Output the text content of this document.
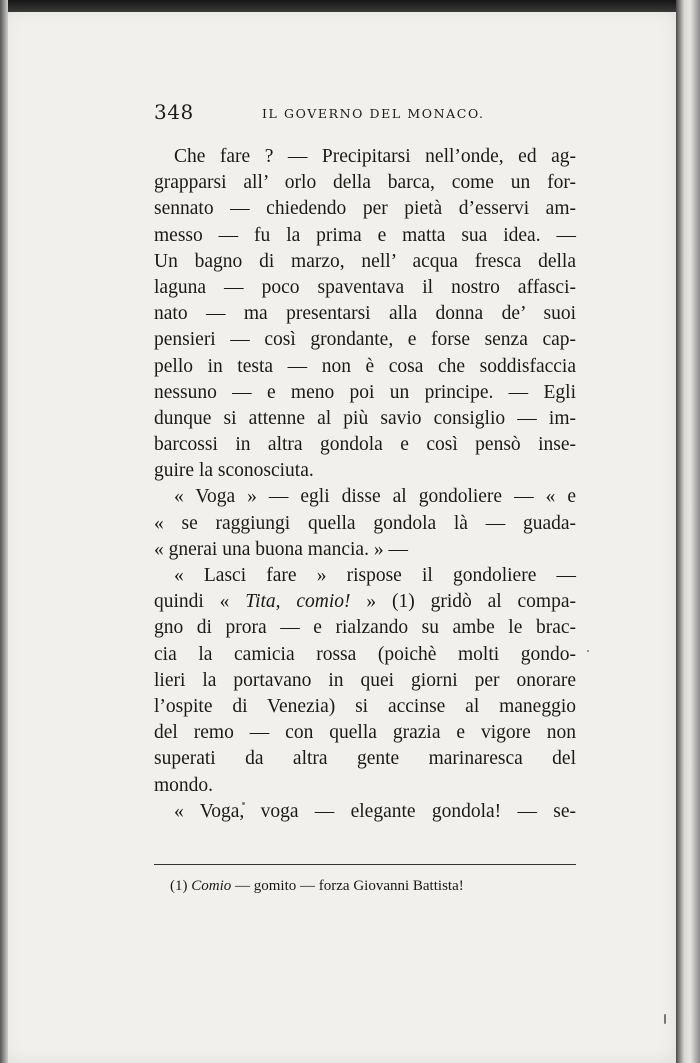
348	IL GOVERNO DEL MONACO.
Che fare ? — Precipitarsi nell’onde, ed ag-
grapparsi all’ orlo della barca, come un for-
sennato — chiedendo per pietà d’esservi am-
messo — fu la prima e matta sua idea. —
Un bagno di marzo, nell’ acqua fresca della
laguna — poco spaventava il nostro affasci-
nato — ma presentarsi alla donna de’ suoi
pensieri — così grondante, e forse senza cap-
pello in testa — non è cosa che soddisfaccia
nessuno — e meno poi un principe. — Egli
dunque si attenne al più savio consiglio — im-
barcossi in altra gondola e così pensò inse-
guire la sconosciuta.
« Voga » — egli disse al gondoliere — « e
« se raggiungi quella gondola là — guada-
« gnerai una buona mancia. » —
« Lasci fare » rispose il gondoliere —
quindi « Tita, comio! » (1) gridò al compa-
gno di prora — e rialzando su ambe le brac-
cia la camicia rossa (poichè molti gondo-
lieri la portavano in quei giorni per onorare
l’ospite di Venezia) si accinse al maneggio
del remo — con quella grazia e vigore non
superati da altra gente marinaresca del
mondo.
« Voga, voga — elegante gondola! — se-
(1) Comio — gomito — forza Giovanni Battista!
